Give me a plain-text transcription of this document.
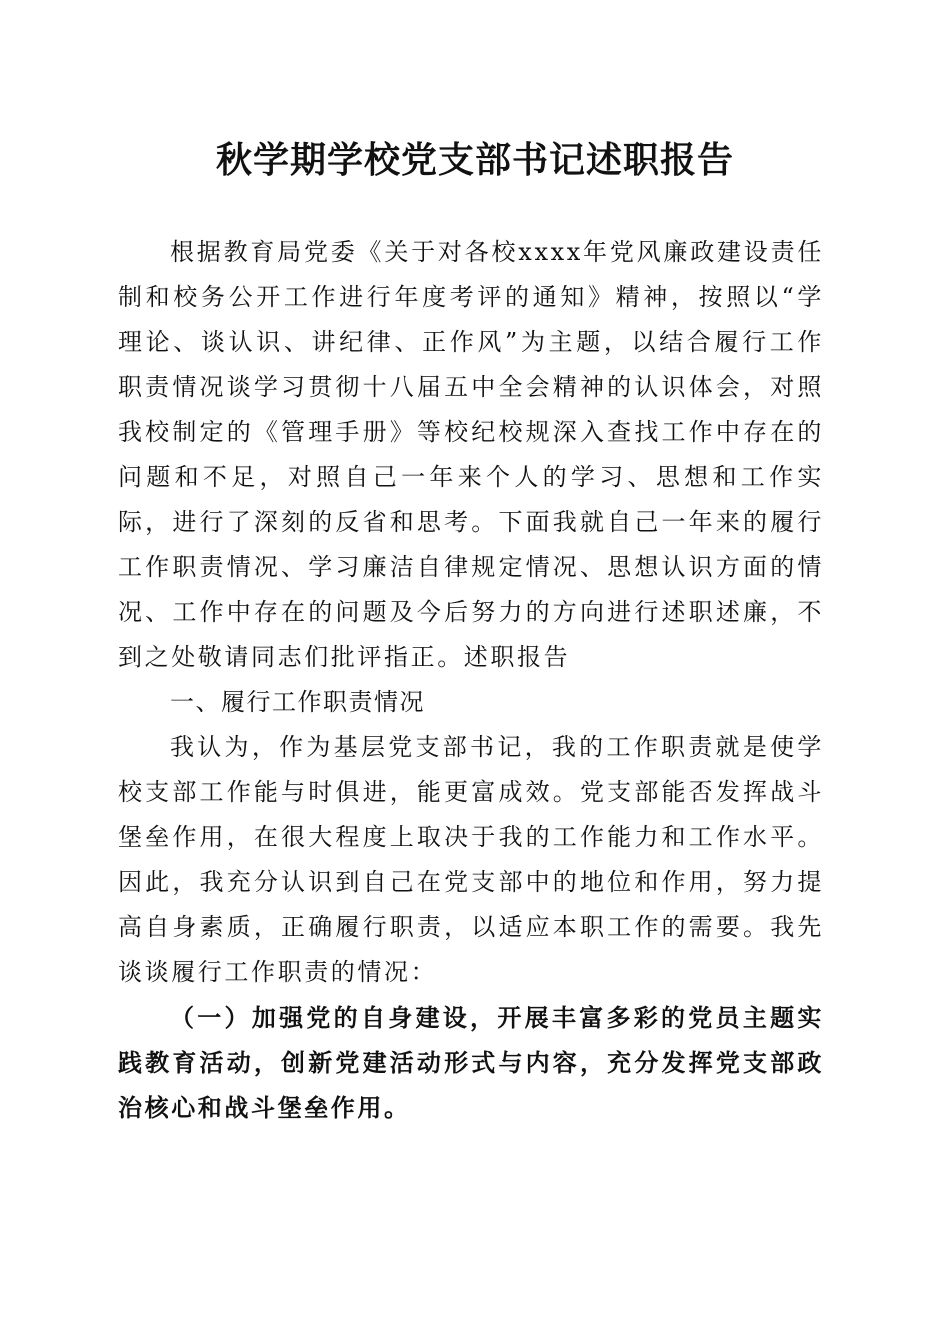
秋学期学校党支部书记述职报告

根据教育局党委《关于对各校xxxx年党风廉政建设责任制和校务公开工作进行年度考评的通知》精神，按照以“学理论、谈认识、讲纪律、正作风”为主题，以结合履行工作职责情况谈学习贯彻十八届五中全会精神的认识体会，对照我校制定的《管理手册》等校纪校规深入查找工作中存在的问题和不足，对照自己一年来个人的学习、思想和工作实际，进行了深刻的反省和思考。下面我就自己一年来的履行工作职责情况、学习廉洁自律规定情况、思想认识方面的情况、工作中存在的问题及今后努力的方向进行述职述廉，不到之处敬请同志们批评指正。述职报告

一、履行工作职责情况

我认为，作为基层党支部书记，我的工作职责就是使学校支部工作能与时俱进，能更富成效。党支部能否发挥战斗堡垒作用，在很大程度上取决于我的工作能力和工作水平。因此，我充分认识到自己在党支部中的地位和作用，努力提高自身素质，正确履行职责，以适应本职工作的需要。我先谈谈履行工作职责的情况：

（一）加强党的自身建设，开展丰富多彩的党员主题实践教育活动，创新党建活动形式与内容，充分发挥党支部政治核心和战斗堡垒作用。
